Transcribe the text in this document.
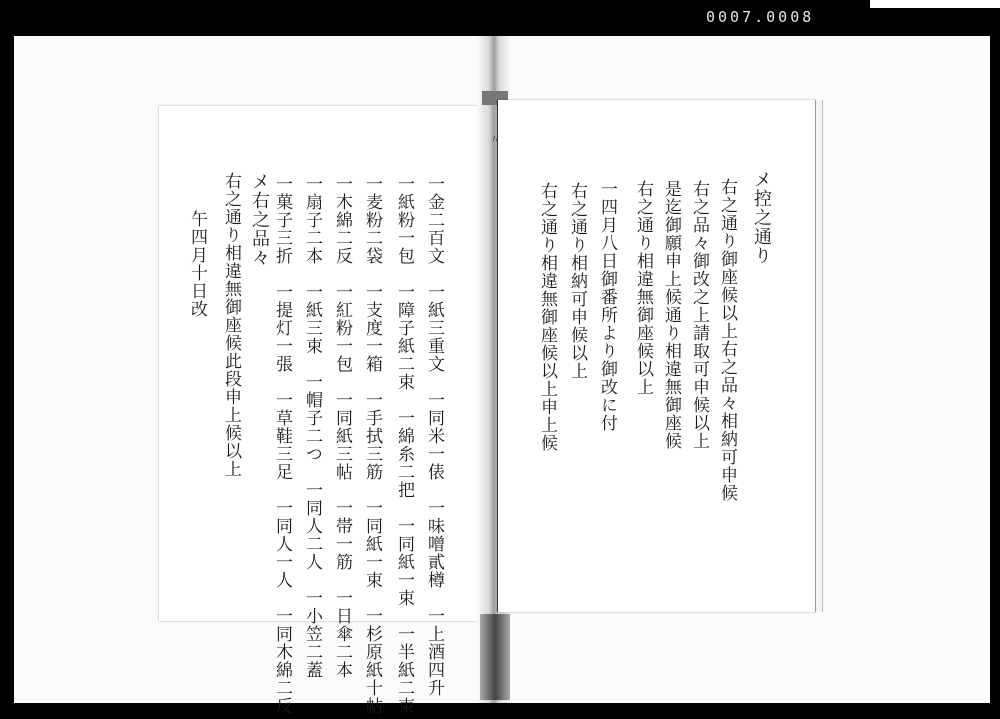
0007.0008
〃
一金二百文　一紙三重文　一同米一俵　一味噌貳樽　一上酒四升
一紙粉一包　一障子紙二束　一綿糸二把　一同紙一束　一半紙二束
一麦粉二袋　一支度一箱　一手拭三筋　一同紙一束　一杉原紙十帖
一木綿二反　一紅粉一包　一同紙三帖　一帯一筋　一日傘二本
一扇子二本　一紙三束　一帽子二つ　一同人二人　一小笠二蓋
一菓子三折　一提灯一張　一草鞋三足　一同人一人　一同木綿二反
メ右之品々
右之通り相違無御座候此段申上候以上
午四月十日改	メ控之通り
右之通り御座候以上右之品々相納可申候
右之品々御改之上請取可申候以上
是迄御願申上候通り相違無御座候
右之通り相違無御座候以上
一四月八日御番所より御改に付
右之通り相納可申候以上
右之通り相違無御座候以上申上候
